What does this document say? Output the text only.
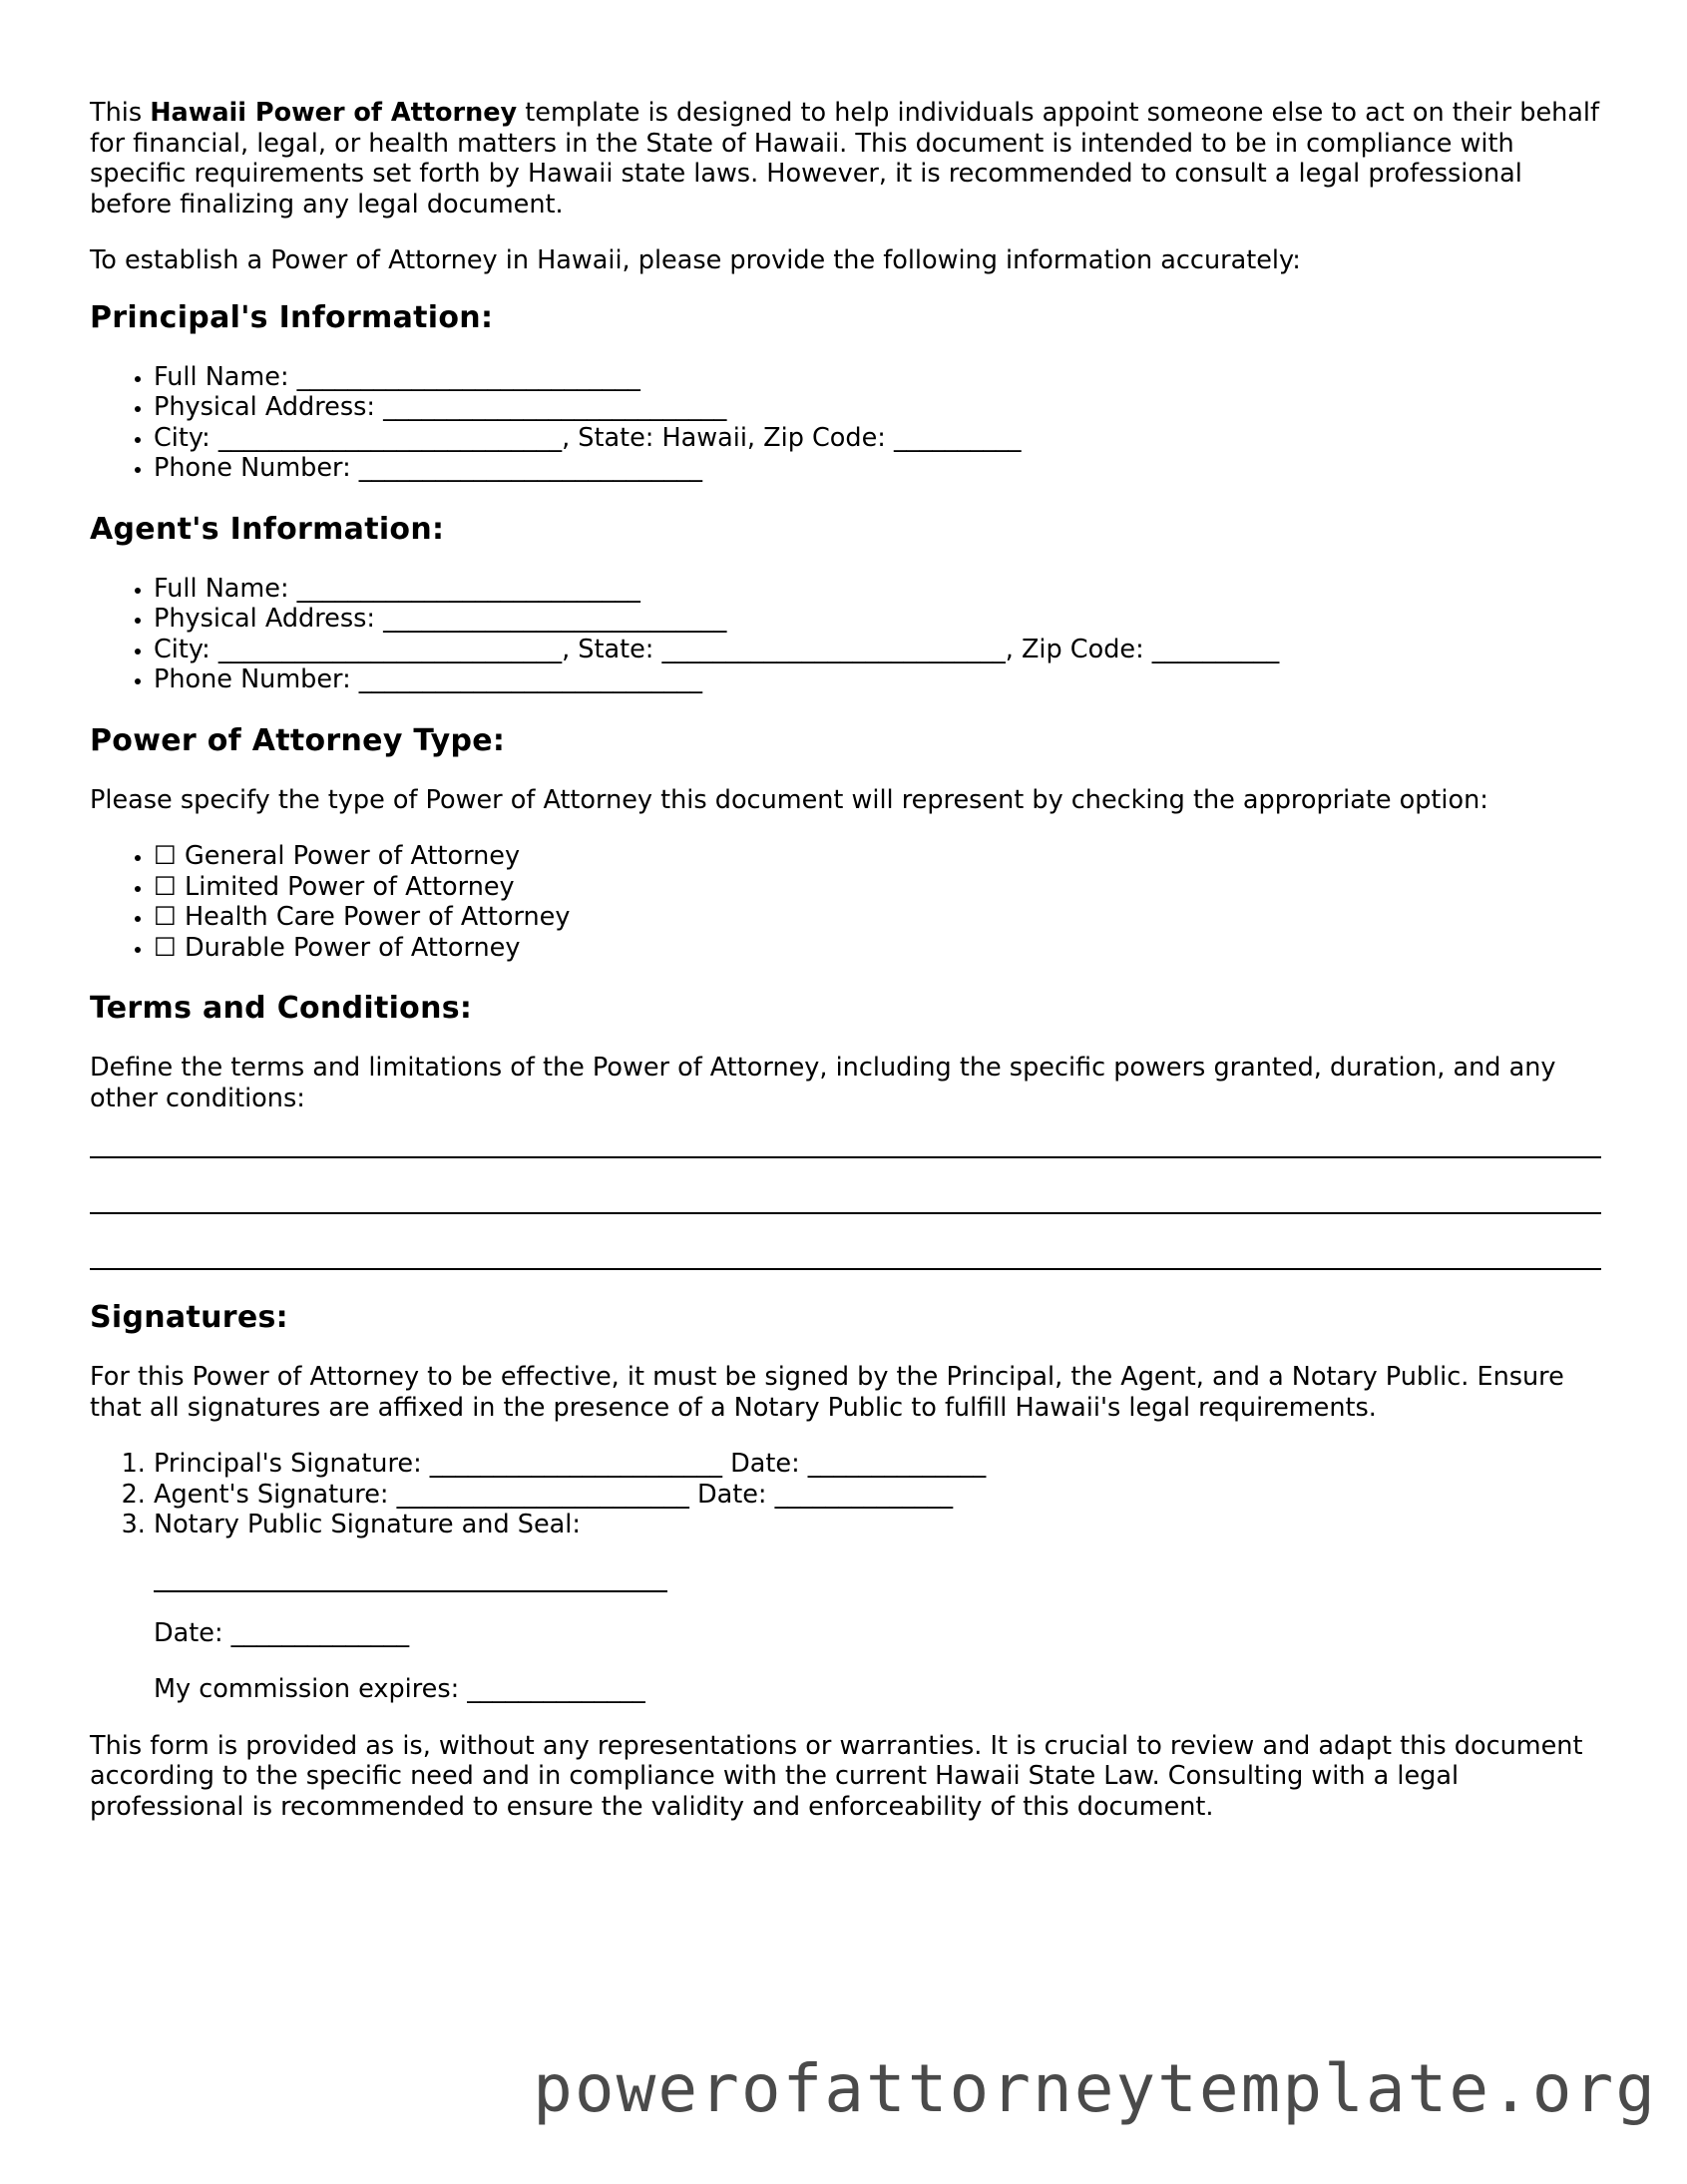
This Hawaii Power of Attorney template is designed to help individuals appoint someone else to act on their behalf for financial, legal, or health matters in the State of Hawaii. This document is intended to be in compliance with specific requirements set forth by Hawaii state laws. However, it is recommended to consult a legal professional before finalizing any legal document.

To establish a Power of Attorney in Hawaii, please provide the following information accurately:

Principal's Information:
• Full Name: ___________________________
• Physical Address: ___________________________
• City: ___________________________, State: Hawaii, Zip Code: __________
• Phone Number: ___________________________
Agent's Information:
• Full Name: ___________________________
• Physical Address: ___________________________
• City: ___________________________, State: ___________________________, Zip Code: __________
• Phone Number: ___________________________
Power of Attorney Type:

Please specify the type of Power of Attorney this document will represent by checking the appropriate option:

• ☐ General Power of Attorney
• ☐ Limited Power of Attorney
• ☐ Health Care Power of Attorney
• ☐ Durable Power of Attorney
Terms and Conditions:

Define the terms and limitations of the Power of Attorney, including the specific powers granted, duration, and any other conditions:

Signatures:

For this Power of Attorney to be effective, it must be signed by the Principal, the Agent, and a Notary Public. Ensure that all signatures are affixed in the presence of a Notary Public to fulfill Hawaii's legal requirements.

1. Principal's Signature: _______________________ Date: ______________
2. Agent's Signature: _______________________ Date: ______________
3. Notary Public Signature and Seal:

Date: ______________

My commission expires: ______________

This form is provided as is, without any representations or warranties. It is crucial to review and adapt this document according to the specific need and in compliance with the current Hawaii State Law. Consulting with a legal professional is recommended to ensure the validity and enforceability of this document.

powerofattorneytemplate.org
